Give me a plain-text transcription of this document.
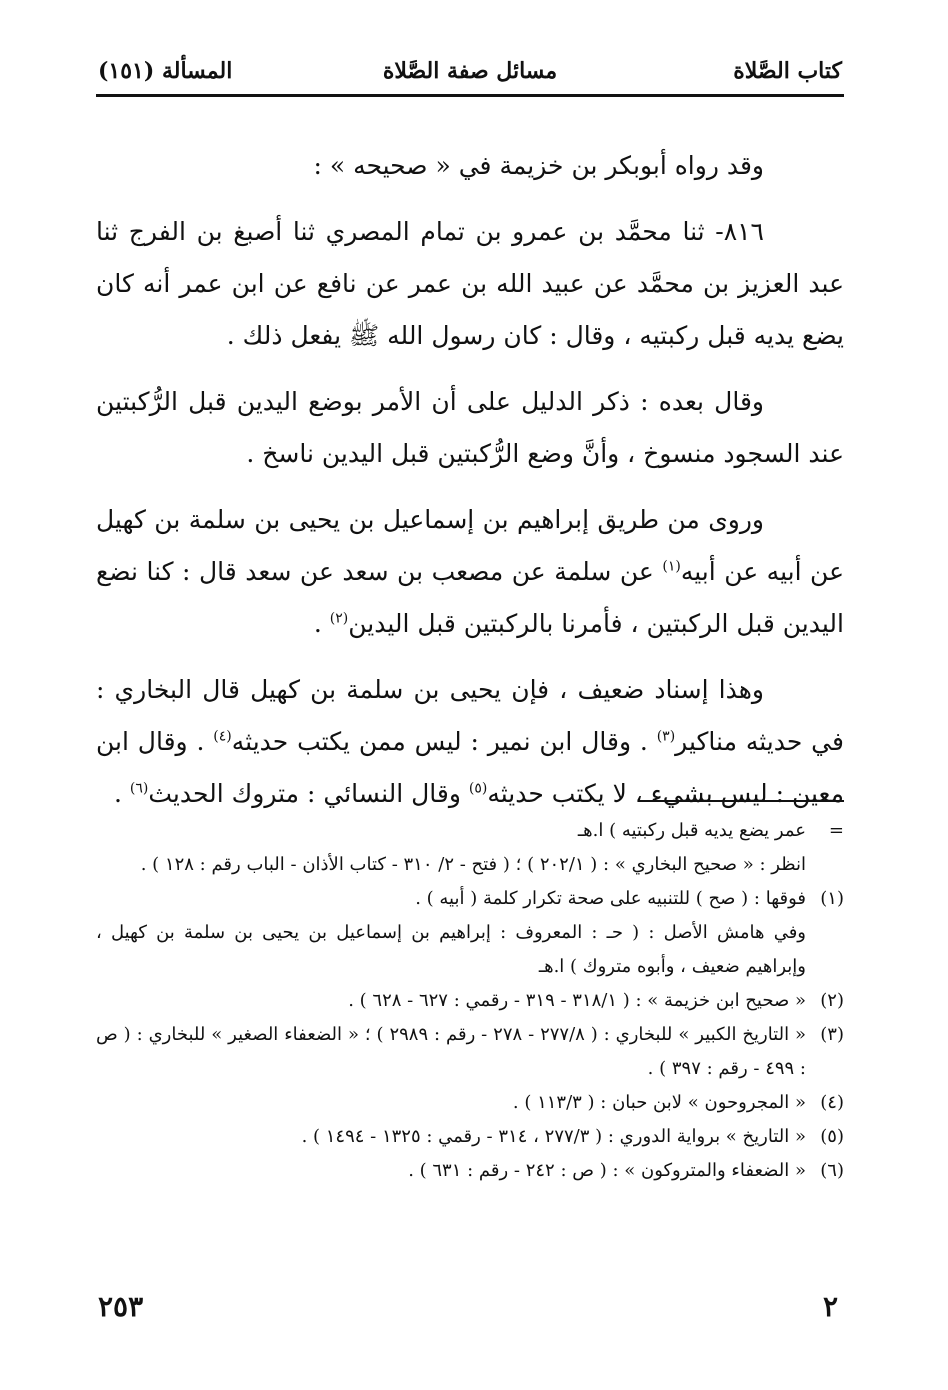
كتاب الصَّلاة
مسائل صفة الصَّلاة
المسألة (١٥١)

وقد رواه أبوبكر بن خزيمة في « صحيحه » :

٨١٦- ثنا محمَّد بن عمرو بن تمام المصري ثنا أصبغ بن الفرج ثنا عبد العزيز بن محمَّد عن عبيد الله بن عمر عن نافع عن ابن عمر أنه كان يضع يديه قبل ركبتيه ، وقال : كان رسول الله ﷺ يفعل ذلك .

وقال بعده : ذكر الدليل على أن الأمر بوضع اليدين قبل الرُّكبتين عند السجود منسوخ ، وأنَّ وضع الرُّكبتين قبل اليدين ناسخ .

وروى من طريق إبراهيم بن إسماعيل بن يحيى بن سلمة بن كهيل عن أبيه عن أبيه$^{(١)}$ عن سلمة عن مصعب بن سعد عن سعد قال : كنا نضع اليدين قبل الركبتين ، فأمرنا بالركبتين قبل اليدين$^{(٢)}$ .

وهذا إسناد ضعيف ، فإن يحيى بن سلمة بن كهيل قال البخاري : في حديثه مناكير$^{(٣)}$ . وقال ابن نمير : ليس ممن يكتب حديثه$^{(٤)}$ . وقال ابن معين : ليس بشيء ، لا يكتب حديثه$^{(٥)}$ وقال النسائي : متروك الحديث$^{(٦)}$ .

=
عمر يضع يديه قبل ركبتيه ) ا.هـ
انظر : « صحيح البخاري » : ( ٢٠٢/١ ) ؛ ( فتح - ٢/ ٣١٠ - كتاب الأذان - الباب رقم : ١٢٨ ) .
(١)
فوقها : ( صح ) للتنبيه على صحة تكرار كلمة ( أبيه ) .
وفي هامش الأصل : ( حـ : المعروف : إبراهيم بن إسماعيل بن يحيى بن سلمة بن كهيل ، وإبراهيم ضعيف ، وأبوه متروك ) ا.هـ
(٢)
« صحيح ابن خزيمة » : ( ٣١٨/١ - ٣١٩ - رقمي : ٦٢٧ - ٦٢٨ ) .
(٣)
« التاريخ الكبير » للبخاري : ( ٢٧٧/٨ - ٢٧٨ - رقم : ٢٩٨٩ ) ؛ « الضعفاء الصغير » للبخاري : ( ص : ٤٩٩ - رقم : ٣٩٧ ) .
(٤)
« المجروحون » لابن حبان : ( ١١٣/٣ ) .
(٥)
« التاريخ » برواية الدوري : ( ٢٧٧/٣ ، ٣١٤ - رقمي : ١٣٢٥ - ١٤٩٤ ) .
(٦)
« الضعفاء والمتروكون » : ( ص : ٢٤٢ - رقم : ٦٣١ ) .
٢
٢٥٣
